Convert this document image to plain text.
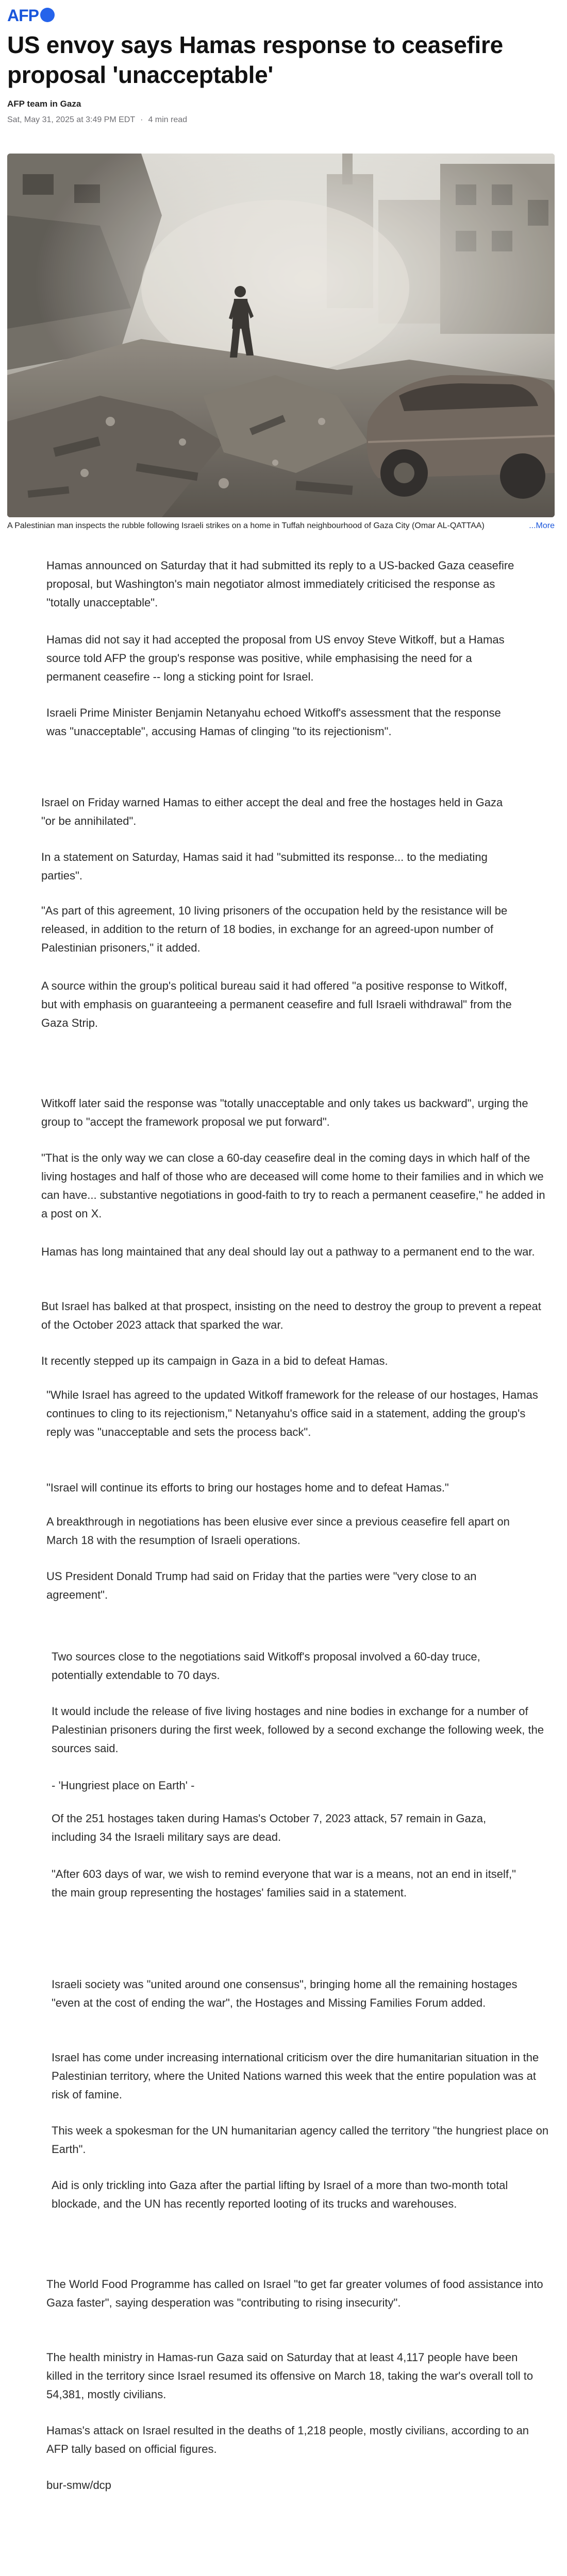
AFP
US envoy says Hamas response to ceasefire proposal 'unacceptable'
AFP team in Gaza
Sat, May 31, 2025 at 3:49 PM EDT · 4 min read
A Palestinian man inspects the rubble following Israeli strikes on a home in Tuffah neighbourhood of Gaza City (Omar AL-QATTAA)	...More

Hamas announced on Saturday that it had submitted its reply to a US-backed Gaza ceasefire proposal, but Washington's main negotiator almost immediately criticised the response as "totally unacceptable".

Hamas did not say it had accepted the proposal from US envoy Steve Witkoff, but a Hamas source told AFP the group's response was positive, while emphasising the need for a permanent ceasefire -- long a sticking point for Israel.

Israeli Prime Minister Benjamin Netanyahu echoed Witkoff's assessment that the response was "unacceptable", accusing Hamas of clinging "to its rejectionism".

Israel on Friday warned Hamas to either accept the deal and free the hostages held in Gaza "or be annihilated".

In a statement on Saturday, Hamas said it had "submitted its response... to the mediating parties".

"As part of this agreement, 10 living prisoners of the occupation held by the resistance will be released, in addition to the return of 18 bodies, in exchange for an agreed-upon number of Palestinian prisoners," it added.

A source within the group's political bureau said it had offered "a positive response to Witkoff, but with emphasis on guaranteeing a permanent ceasefire and full Israeli withdrawal" from the Gaza Strip.

Witkoff later said the response was "totally unacceptable and only takes us backward", urging the group to "accept the framework proposal we put forward".

"That is the only way we can close a 60-day ceasefire deal in the coming days in which half of the living hostages and half of those who are deceased will come home to their families and in which we can have... substantive negotiations in good-faith to try to reach a permanent ceasefire," he added in a post on X.

Hamas has long maintained that any deal should lay out a pathway to a permanent end to the war.

But Israel has balked at that prospect, insisting on the need to destroy the group to prevent a repeat of the October 2023 attack that sparked the war.

It recently stepped up its campaign in Gaza in a bid to defeat Hamas.

"While Israel has agreed to the updated Witkoff framework for the release of our hostages, Hamas continues to cling to its rejectionism," Netanyahu's office said in a statement, adding the group's reply was "unacceptable and sets the process back".

"Israel will continue its efforts to bring our hostages home and to defeat Hamas."

A breakthrough in negotiations has been elusive ever since a previous ceasefire fell apart on March 18 with the resumption of Israeli operations.

US President Donald Trump had said on Friday that the parties were "very close to an agreement".

Two sources close to the negotiations said Witkoff's proposal involved a 60-day truce, potentially extendable to 70 days.

It would include the release of five living hostages and nine bodies in exchange for a number of Palestinian prisoners during the first week, followed by a second exchange the following week, the sources said.

- 'Hungriest place on Earth' -

Of the 251 hostages taken during Hamas's October 7, 2023 attack, 57 remain in Gaza, including 34 the Israeli military says are dead.

"After 603 days of war, we wish to remind everyone that war is a means, not an end in itself," the main group representing the hostages' families said in a statement.

Israeli society was "united around one consensus", bringing home all the remaining hostages "even at the cost of ending the war", the Hostages and Missing Families Forum added.

Israel has come under increasing international criticism over the dire humanitarian situation in the Palestinian territory, where the United Nations warned this week that the entire population was at risk of famine.

This week a spokesman for the UN humanitarian agency called the territory "the hungriest place on Earth".

Aid is only trickling into Gaza after the partial lifting by Israel of a more than two-month total blockade, and the UN has recently reported looting of its trucks and warehouses.

The World Food Programme has called on Israel "to get far greater volumes of food assistance into Gaza faster", saying desperation was "contributing to rising insecurity".

The health ministry in Hamas-run Gaza said on Saturday that at least 4,117 people have been killed in the territory since Israel resumed its offensive on March 18, taking the war's overall toll to 54,381, mostly civilians.

Hamas's attack on Israel resulted in the deaths of 1,218 people, mostly civilians, according to an AFP tally based on official figures.

bur-smw/dcp
